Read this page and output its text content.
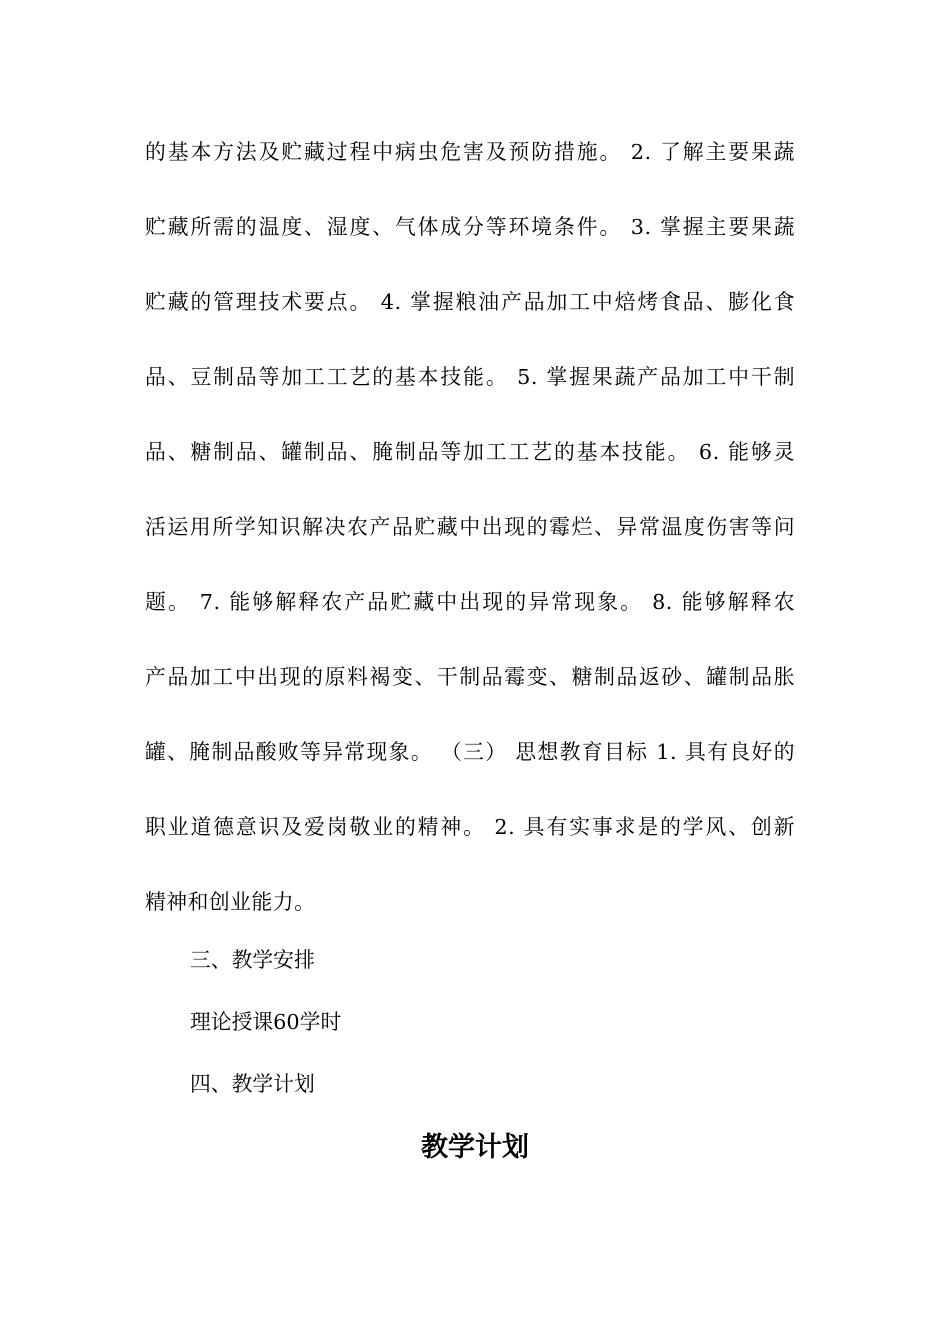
的基本方法及贮藏过程中病虫危害及预防措施。 2. 了解主要果蔬
贮藏所需的温度、湿度、气体成分等环境条件。 3. 掌握主要果蔬
贮藏的管理技术要点。 4. 掌握粮油产品加工中焙烤食品、膨化食
品、豆制品等加工工艺的基本技能。 5. 掌握果蔬产品加工中干制
品、糖制品、罐制品、腌制品等加工工艺的基本技能。 6. 能够灵
活运用所学知识解决农产品贮藏中出现的霉烂、异常温度伤害等问
题。 7. 能够解释农产品贮藏中出现的异常现象。 8. 能够解释农
产品加工中出现的原料褐变、干制品霉变、糖制品返砂、罐制品胀
罐、腌制品酸败等异常现象。 （三） 思想教育目标 1. 具有良好的
职业道德意识及爱岗敬业的精神。 2. 具有实事求是的学风、创新
精神和创业能力。
三、教学安排
理论授课60学时
四、教学计划
教学计划
